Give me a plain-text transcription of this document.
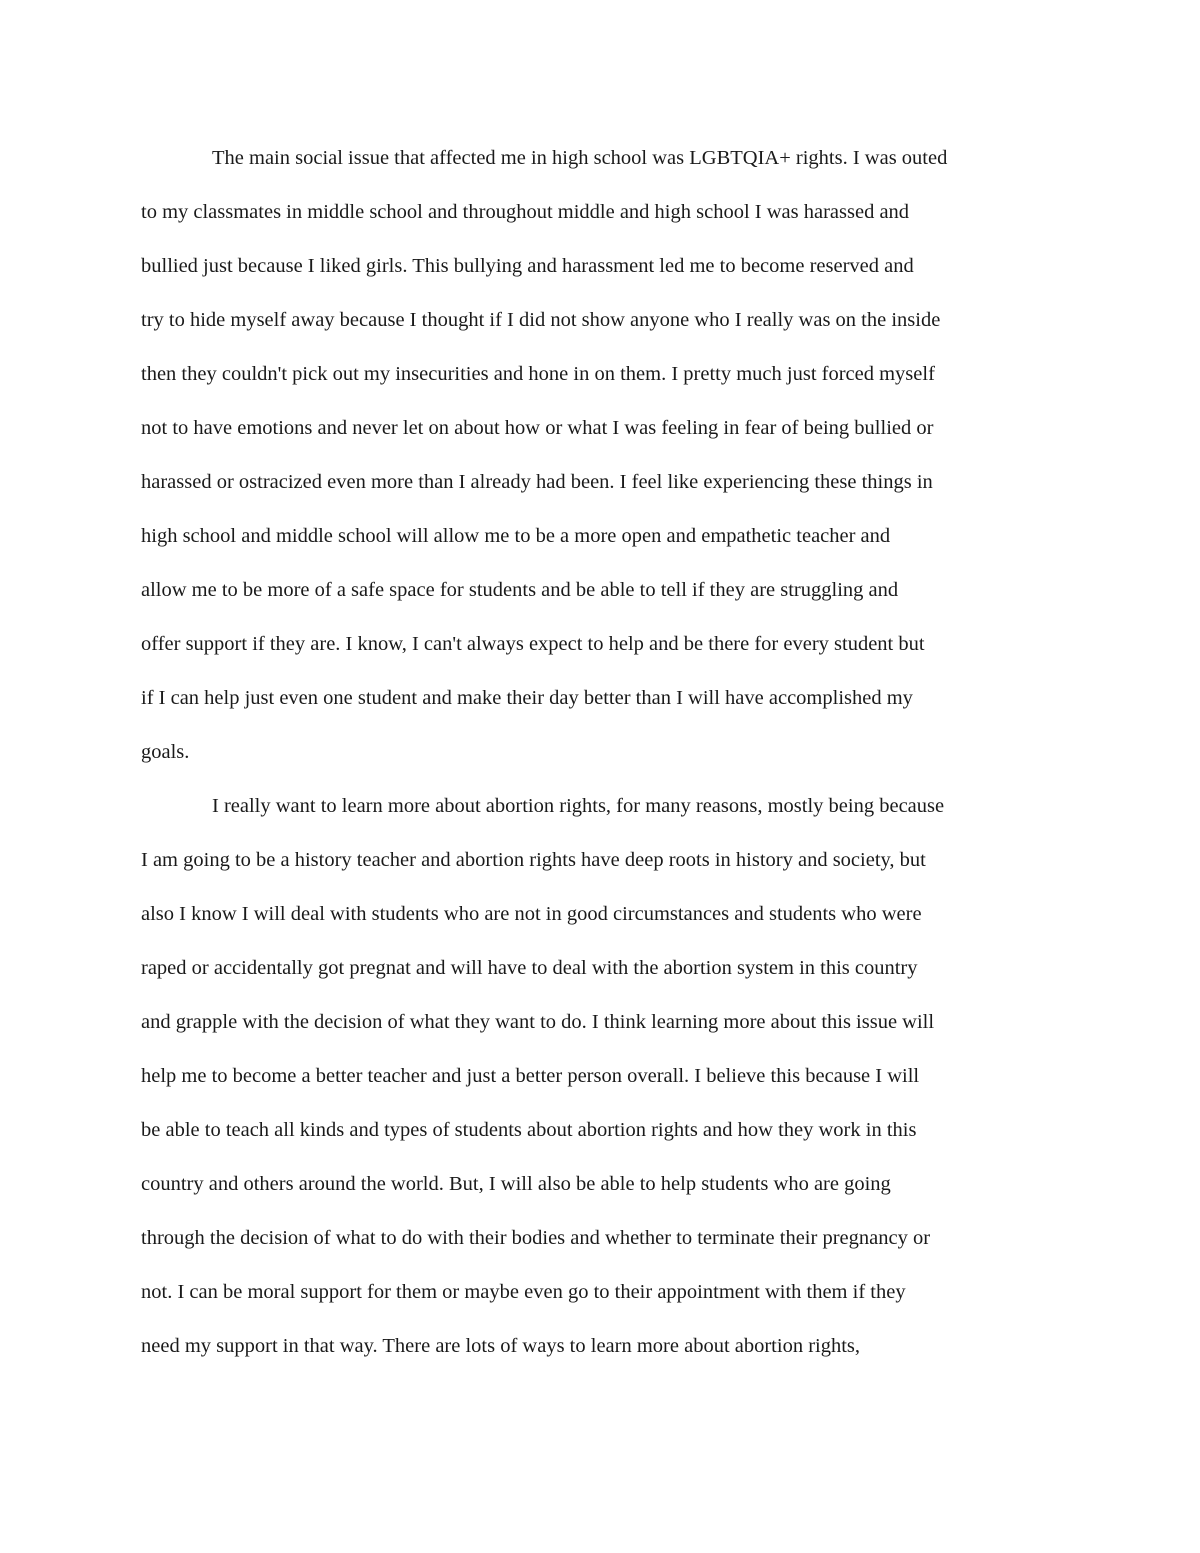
The main social issue that affected me in high school was LGBTQIA+ rights. I was outed

to my classmates in middle school and throughout middle and high school I was harassed and

bullied just because I liked girls. This bullying and harassment led me to become reserved and

try to hide myself away because I thought if I did not show anyone who I really was on the inside

then they couldn't pick out my insecurities and hone in on them. I pretty much just forced myself

not to have emotions and never let on about how or what I was feeling in fear of being bullied or

harassed or ostracized even more than I already had been. I feel like experiencing these things in

high school and middle school will allow me to be a more open and empathetic teacher and

allow me to be more of a safe space for students and be able to tell if they are struggling and

offer support if they are. I know, I can't always expect to help and be there for every student but

if I can help just even one student and make their day better than I will have accomplished my

goals.

I really want to learn more about abortion rights, for many reasons, mostly being because

I am going to be a history teacher and abortion rights have deep roots in history and society, but

also I know I will deal with students who are not in good circumstances and students who were

raped or accidentally got pregnat and will have to deal with the abortion system in this country

and grapple with the decision of what they want to do. I think learning more about this issue will

help me to become a better teacher and just a better person overall. I believe this because I will

be able to teach all kinds and types of students about abortion rights and how they work in this

country and others around the world. But, I will also be able to help students who are going

through the decision of what to do with their bodies and whether to terminate their pregnancy or

not. I can be moral support for them or maybe even go to their appointment with them if they

need my support in that way. There are lots of ways to learn more about abortion rights,
